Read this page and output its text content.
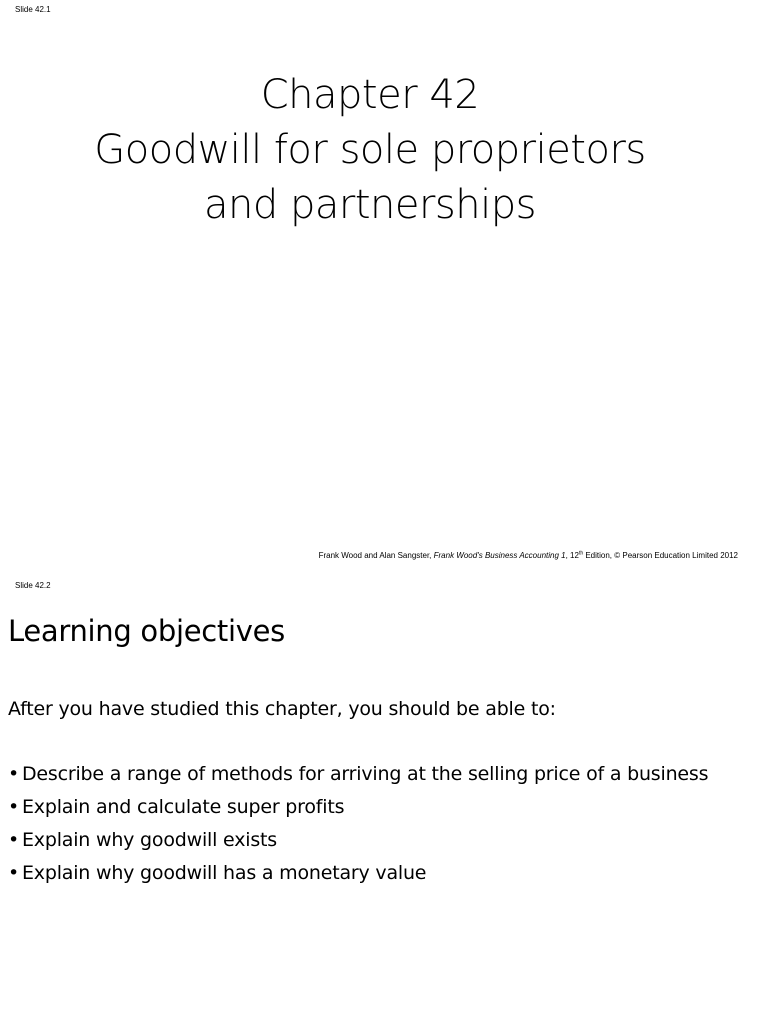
Slide 42.1
Chapter 42
Goodwill for sole proprietors
and partnerships
Frank Wood and Alan Sangster, Frank Wood's Business Accounting 1, 12th Edition, © Pearson Education Limited 2012
Slide 42.2
Learning objectives
After you have studied this chapter, you should be able to:
• Describe a range of methods for arriving at the selling price of a business
• Explain and calculate super profits
• Explain why goodwill exists
• Explain why goodwill has a monetary value
